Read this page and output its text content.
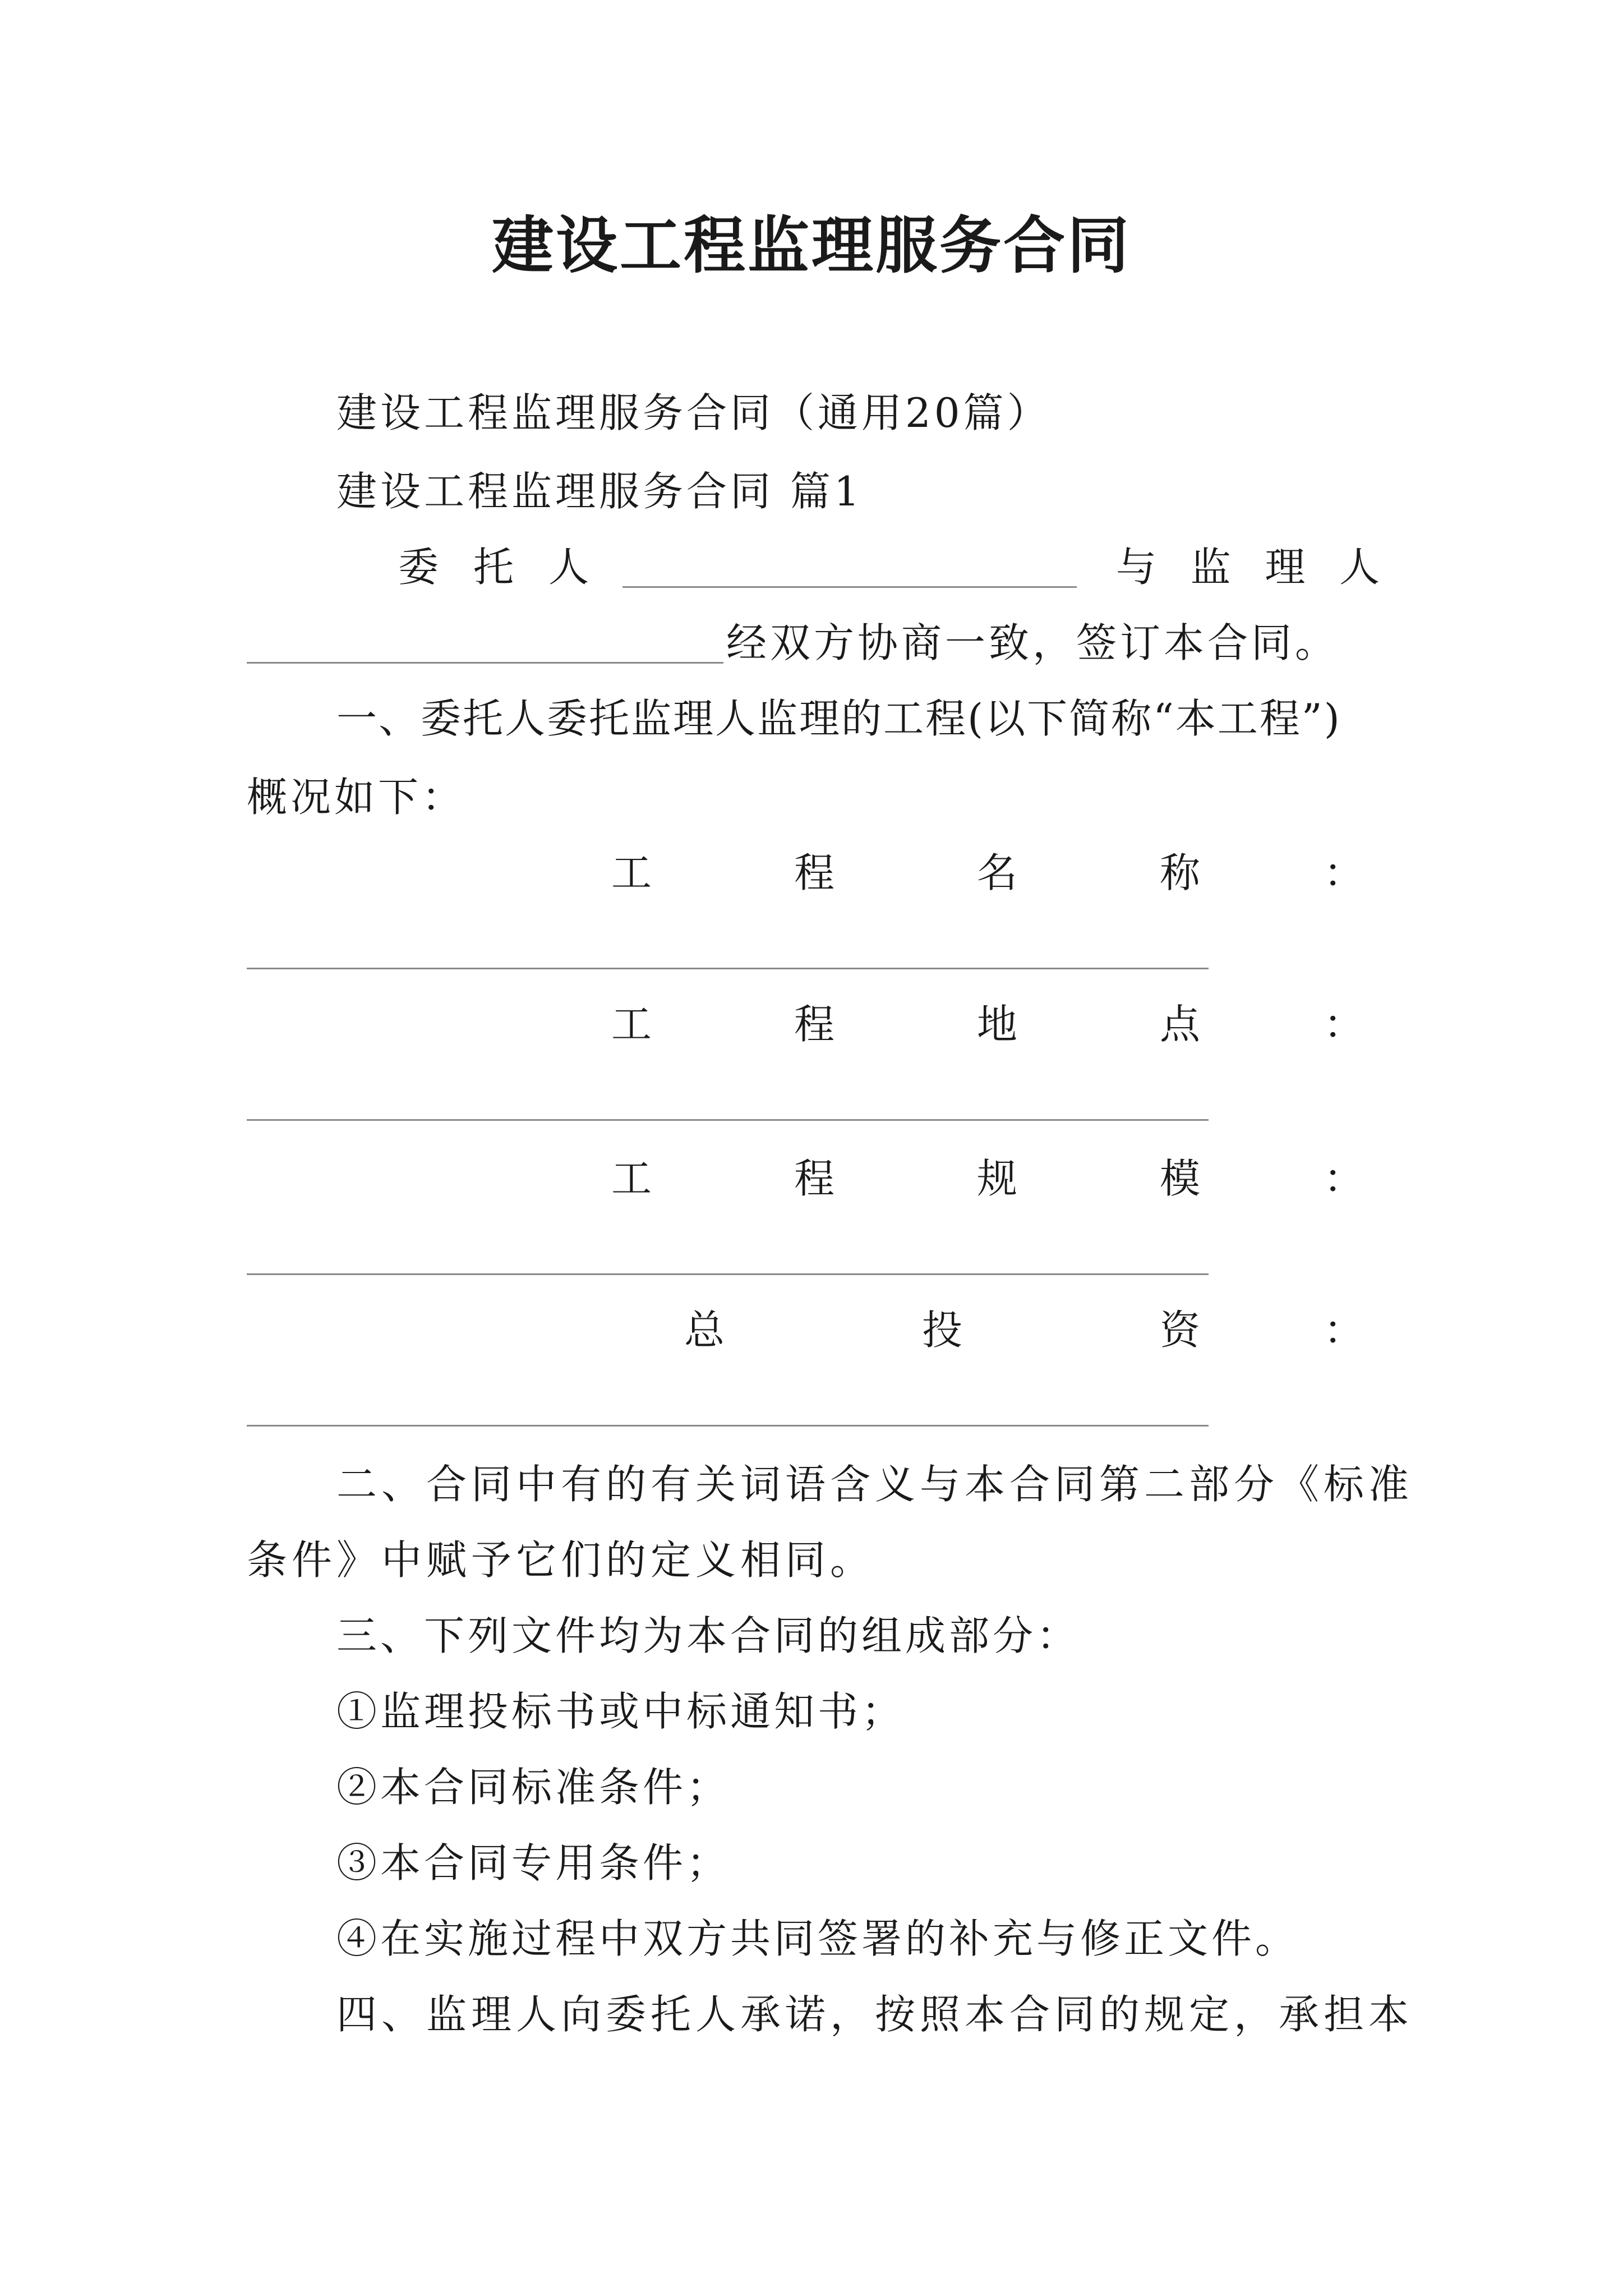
建设工程监理服务合同
建设工程监理服务合同（通用20篇）
建设工程监理服务合同 篇1
委 托 人	与 监 理 人
经双方协商一致，签订本合同。
一、委托人委托监理人监理的工程(以下简称“本工程”)
概况如下：
工	程	名	称	：
工	程	地	点	：
工	程	规	模	：
总	投	资	：
二、合同中有的有关词语含义与本合同第二部分《标准
条件》中赋予它们的定义相同。
三、下列文件均为本合同的组成部分：
①监理投标书或中标通知书；
②本合同标准条件；
③本合同专用条件；
④在实施过程中双方共同签署的补充与修正文件。
四、监理人向委托人承诺，按照本合同的规定，承担本
